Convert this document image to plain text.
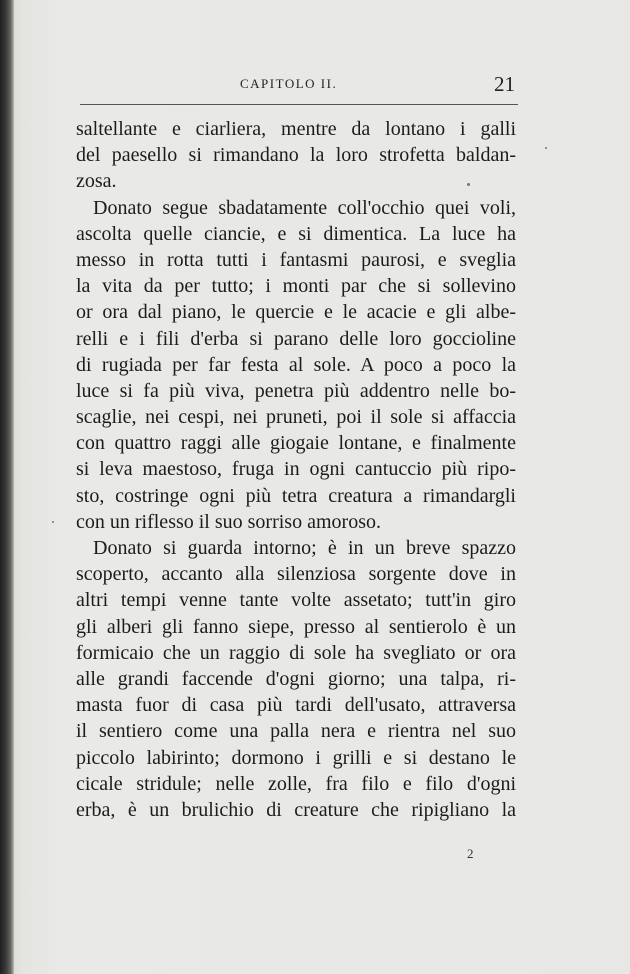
CAPITOLO II.	21
saltellante e ciarliera, mentre da lontano i galli
del paesello si rimandano la loro strofetta baldan-
zosa.
Donato segue sbadatamente coll'occhio quei voli,
ascolta quelle ciancie, e si dimentica. La luce ha
messo in rotta tutti i fantasmi paurosi, e sveglia
la vita da per tutto; i monti par che si sollevino
or ora dal piano, le quercie e le acacie e gli albe-
relli e i fili d'erba si parano delle loro goccioline
di rugiada per far festa al sole. A poco a poco la
luce si fa più viva, penetra più addentro nelle bo-
scaglie, nei cespi, nei pruneti, poi il sole si affaccia
con quattro raggi alle giogaie lontane, e finalmente
si leva maestoso, fruga in ogni cantuccio più ripo-
sto, costringe ogni più tetra creatura a rimandargli
con un riflesso il suo sorriso amoroso.
Donato si guarda intorno; è in un breve spazzo
scoperto, accanto alla silenziosa sorgente dove in
altri tempi venne tante volte assetato; tutt'in giro
gli alberi gli fanno siepe, presso al sentierolo è un
formicaio che un raggio di sole ha svegliato or ora
alle grandi faccende d'ogni giorno; una talpa, ri-
masta fuor di casa più tardi dell'usato, attraversa
il sentiero come una palla nera e rientra nel suo
piccolo labirinto; dormono i grilli e si destano le
cicale stridule; nelle zolle, fra filo e filo d'ogni
erba, è un brulichio di creature che ripigliano la
2
